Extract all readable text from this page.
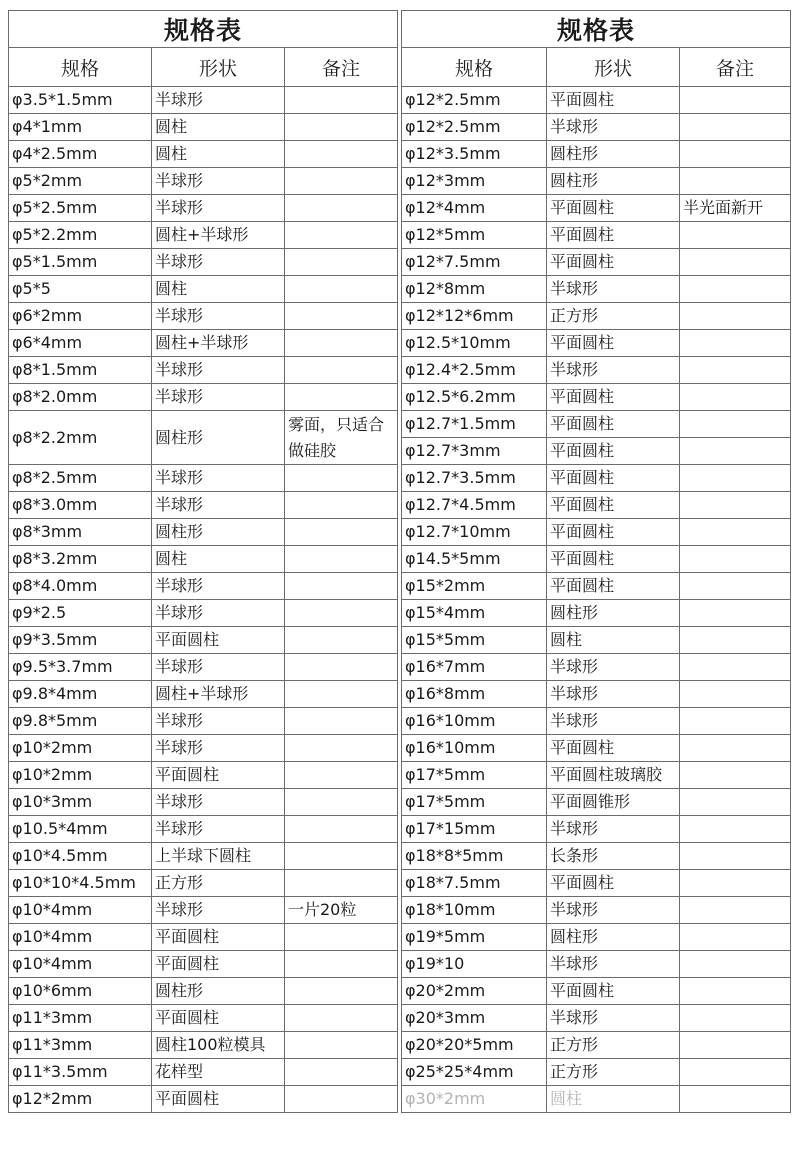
规格表		
规格	形状	备注
φ3.5*1.5mm	半球形	
φ4*1mm	圆柱	
φ4*2.5mm	圆柱	
φ5*2mm	半球形	
φ5*2.5mm	半球形	
φ5*2.2mm	圆柱+半球形	
φ5*1.5mm	半球形	
φ5*5	圆柱	
φ6*2mm	半球形	
φ6*4mm	圆柱+半球形	
φ8*1.5mm	半球形	
φ8*2.0mm	半球形	
φ8*2.2mm	圆柱形	雾面，只适合做硅胶
φ8*2.5mm	半球形	
φ8*3.0mm	半球形	
φ8*3mm	圆柱形	
φ8*3.2mm	圆柱	
φ8*4.0mm	半球形	
φ9*2.5	半球形	
φ9*3.5mm	平面圆柱	
φ9.5*3.7mm	半球形	
φ9.8*4mm	圆柱+半球形	
φ9.8*5mm	半球形	
φ10*2mm	半球形	
φ10*2mm	平面圆柱	
φ10*3mm	半球形	
φ10.5*4mm	半球形	
φ10*4.5mm	上半球下圆柱	
φ10*10*4.5mm	正方形	
φ10*4mm	半球形	一片20粒
φ10*4mm	平面圆柱	
φ10*4mm	平面圆柱	
φ10*6mm	圆柱形	
φ11*3mm	平面圆柱	
φ11*3mm	圆柱100粒模具	
φ11*3.5mm	花样型	
φ12*2mm	平面圆柱	
规格表		
规格	形状	备注
φ12*2.5mm	平面圆柱	
φ12*2.5mm	半球形	
φ12*3.5mm	圆柱形	
φ12*3mm	圆柱形	
φ12*4mm	平面圆柱	半光面新开
φ12*5mm	平面圆柱	
φ12*7.5mm	平面圆柱	
φ12*8mm	半球形	
φ12*12*6mm	正方形	
φ12.5*10mm	平面圆柱	
φ12.4*2.5mm	半球形	
φ12.5*6.2mm	平面圆柱	
φ12.7*1.5mm	平面圆柱	
φ12.7*3mm	平面圆柱	
φ12.7*3.5mm	平面圆柱	
φ12.7*4.5mm	平面圆柱	
φ12.7*10mm	平面圆柱	
φ14.5*5mm	平面圆柱	
φ15*2mm	平面圆柱	
φ15*4mm	圆柱形	
φ15*5mm	圆柱	
φ16*7mm	半球形	
φ16*8mm	半球形	
φ16*10mm	半球形	
φ16*10mm	平面圆柱	
φ17*5mm	平面圆柱玻璃胶	
φ17*5mm	平面圆锥形	
φ17*15mm	半球形	
φ18*8*5mm	长条形	
φ18*7.5mm	平面圆柱	
φ18*10mm	半球形	
φ19*5mm	圆柱形	
φ19*10	半球形	
φ20*2mm	平面圆柱	
φ20*3mm	半球形	
φ20*20*5mm	正方形	
φ25*25*4mm	正方形	
φ30*2mm	圆柱	
